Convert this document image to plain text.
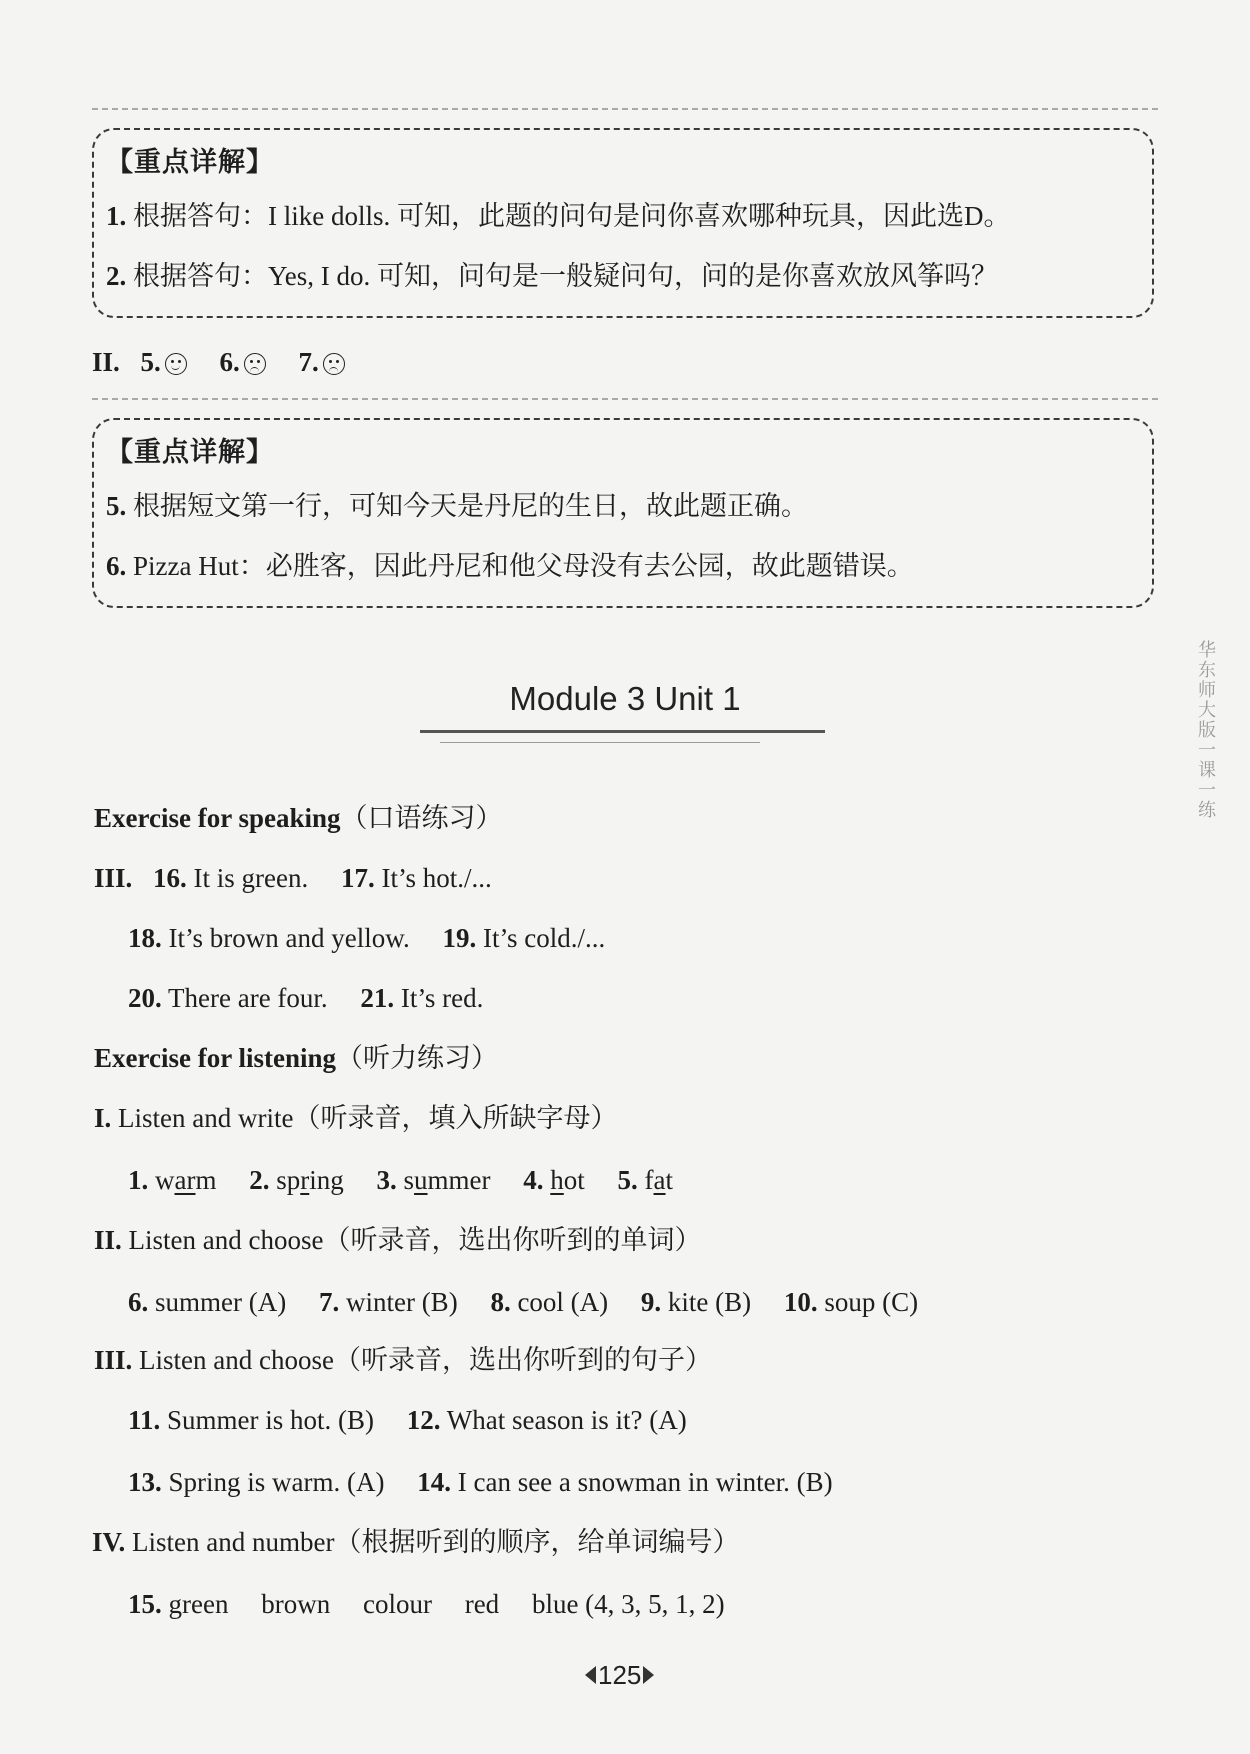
【重点详解】
1. 根据答句：I like dolls. 可知，此题的问句是问你喜欢哪种玩具，因此选D。
2. 根据答句：Yes, I do. 可知，问句是一般疑问句，问的是你喜欢放风筝吗？
II. 5. 6. 7.
【重点详解】
5. 根据短文第一行，可知今天是丹尼的生日，故此题正确。
6. Pizza Hut：必胜客，因此丹尼和他父母没有去公园，故此题错误。
Module 3 Unit 1
Exercise for speaking（口语练习）
III. 16. It is green. 17. It’s hot./...
18. It’s brown and yellow. 19. It’s cold./...
20. There are four. 21. It’s red.
Exercise for listening（听力练习）
I. Listen and write（听录音，填入所缺字母）
1. warm 2. spring 3. summer 4. hot 5. fat
II. Listen and choose（听录音，选出你听到的单词）
6. summer (A) 7. winter (B) 8. cool (A) 9. kite (B) 10. soup (C)
III. Listen and choose（听录音，选出你听到的句子）
11. Summer is hot. (B) 12. What season is it? (A)
13. Spring is warm. (A) 14. I can see a snowman in winter. (B)
IV. Listen and number（根据听到的顺序，给单词编号）
15. green brown colour red blue (4, 3, 5, 1, 2)
125
华东师大版一课一练
